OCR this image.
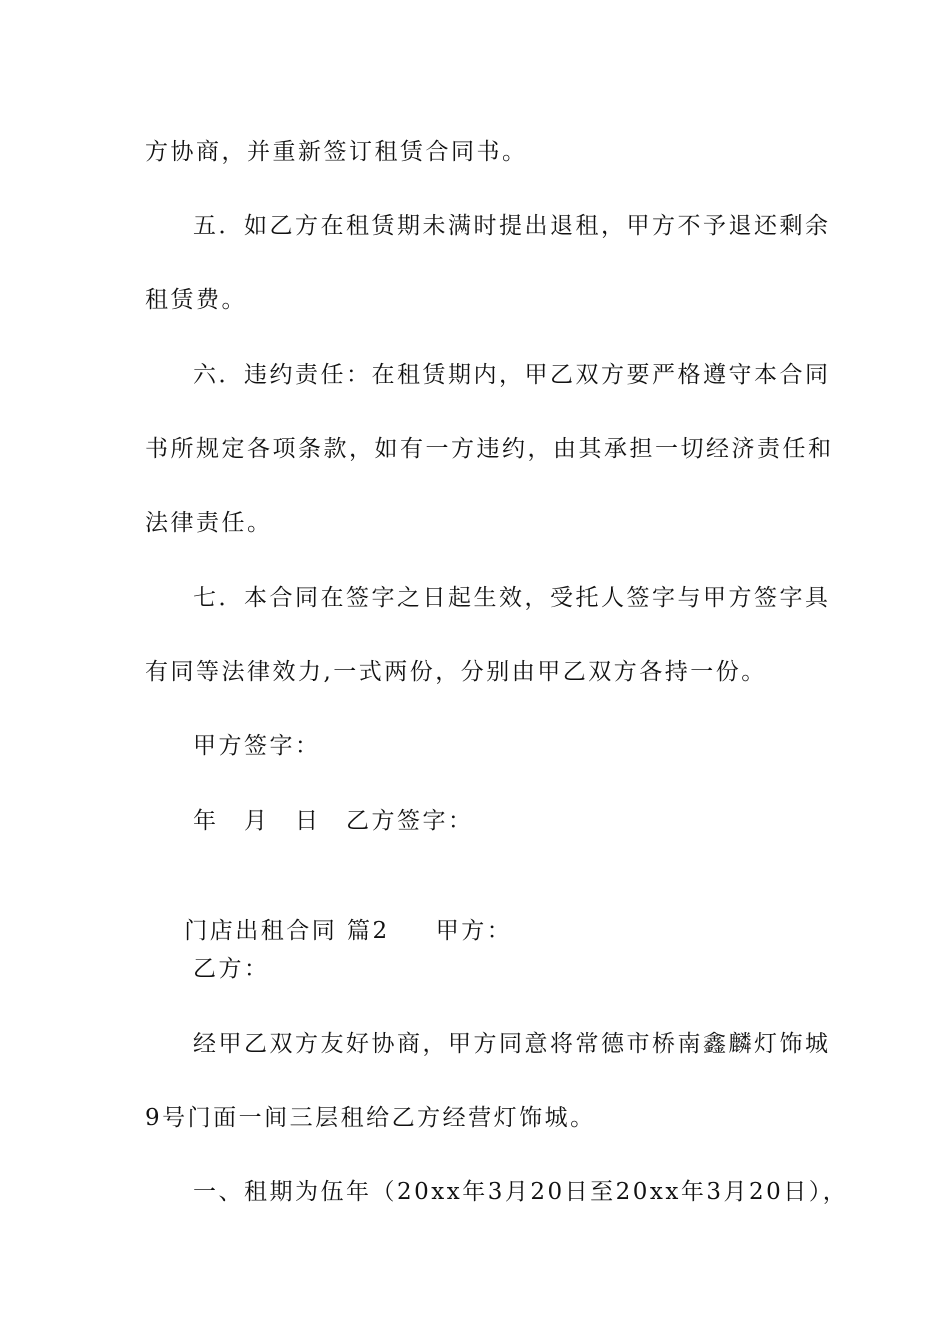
方协商，并重新签订租赁合同书。
五．如乙方在租赁期未满时提出退租，甲方不予退还剩余
租赁费。
六．违约责任：在租赁期内，甲乙双方要严格遵守本合同
书所规定各项条款，如有一方违约，由其承担一切经济责任和
法律责任。
七．本合同在签字之日起生效，受托人签字与甲方签字具
有同等法律效力,一式两份，分别由甲乙双方各持一份。
甲方签字：
年　月　日　乙方签字：

门店出租合同 篇2 甲方：

乙方：
经甲乙双方友好协商，甲方同意将常德市桥南鑫麟灯饰城
9号门面一间三层租给乙方经营灯饰城。
一、租期为伍年（20xx年3月20日至20xx年3月20日），
